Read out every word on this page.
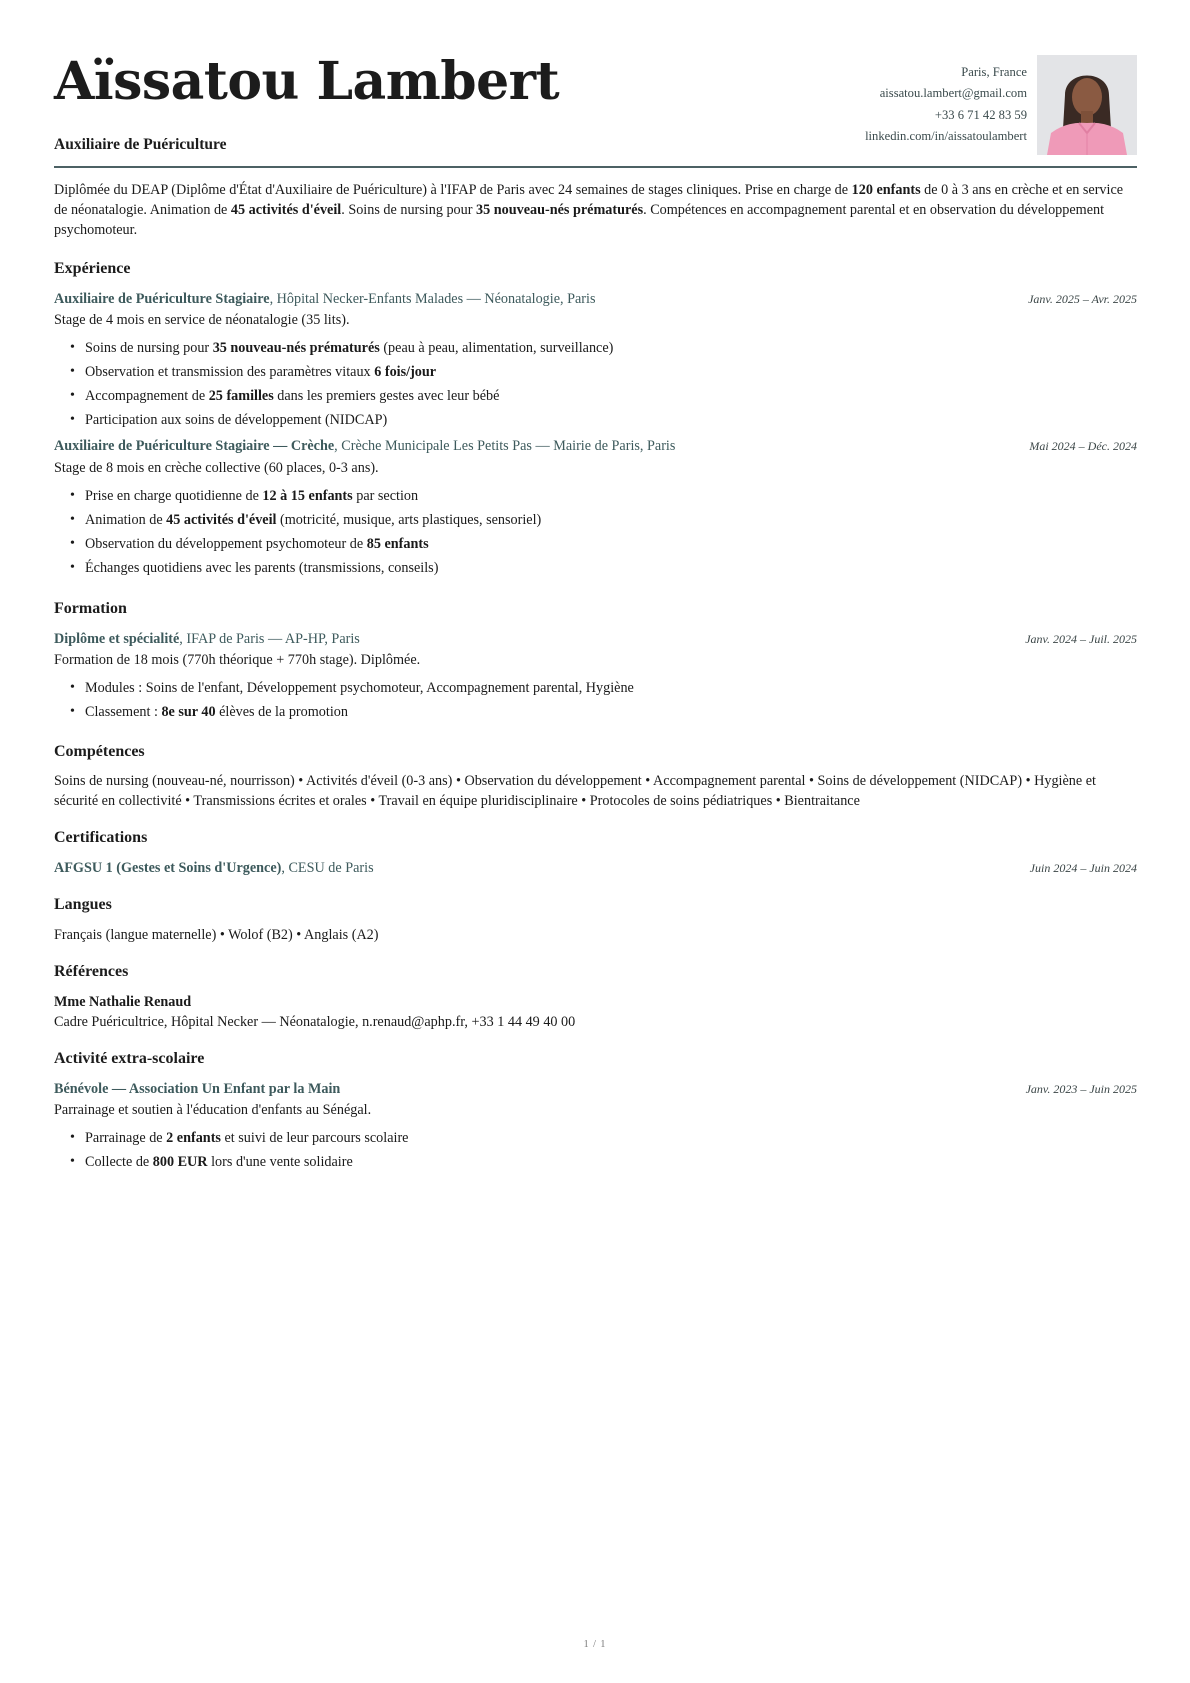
Aïssatou Lambert

Auxiliaire de Puériculture

Paris, France
aissatou.lambert@gmail.com
+33 6 71 42 83 59
linkedin.com/in/aissatoulambert

Diplômée du DEAP (Diplôme d'État d'Auxiliaire de Puériculture) à l'IFAP de Paris avec 24 semaines de stages cliniques. Prise en charge de 120 enfants de 0 à 3 ans en crèche et en service de néonatalogie. Animation de 45 activités d'éveil. Soins de nursing pour 35 nouveau-nés prématurés. Compétences en accompagnement parental et en observation du développement psychomoteur.

Expérience
Auxiliaire de Puériculture Stagiaire, Hôpital Necker-Enfants Malades — Néonatalogie, Paris	Janv. 2025 – Avr. 2025
Stage de 4 mois en service de néonatalogie (35 lits).
• Soins de nursing pour 35 nouveau-nés prématurés (peau à peau, alimentation, surveillance)
• Observation et transmission des paramètres vitaux 6 fois/jour
• Accompagnement de 25 familles dans les premiers gestes avec leur bébé
• Participation aux soins de développement (NIDCAP)
Auxiliaire de Puériculture Stagiaire — Crèche, Crèche Municipale Les Petits Pas — Mairie de Paris, Paris	Mai 2024 – Déc. 2024
Stage de 8 mois en crèche collective (60 places, 0-3 ans).
• Prise en charge quotidienne de 12 à 15 enfants par section
• Animation de 45 activités d'éveil (motricité, musique, arts plastiques, sensoriel)
• Observation du développement psychomoteur de 85 enfants
• Échanges quotidiens avec les parents (transmissions, conseils)
Formation
Diplôme et spécialité, IFAP de Paris — AP-HP, Paris	Janv. 2024 – Juil. 2025
Formation de 18 mois (770h théorique + 770h stage). Diplômée.
• Modules : Soins de l'enfant, Développement psychomoteur, Accompagnement parental, Hygiène
• Classement : 8e sur 40 élèves de la promotion
Compétences
Soins de nursing (nouveau-né, nourrisson) • Activités d'éveil (0-3 ans) • Observation du développement • Accompagnement parental • Soins de développement (NIDCAP) • Hygiène et sécurité en collectivité • Transmissions écrites et orales • Travail en équipe pluridisciplinaire • Protocoles de soins pédiatriques • Bientraitance
Certifications
AFGSU 1 (Gestes et Soins d'Urgence), CESU de Paris	Juin 2024 – Juin 2024
Langues
Français (langue maternelle) • Wolof (B2) • Anglais (A2)
Références
Mme Nathalie Renaud
Cadre Puéricultrice, Hôpital Necker — Néonatalogie, n.renaud@aphp.fr, +33 1 44 49 40 00
Activité extra-scolaire
Bénévole — Association Un Enfant par la Main	Janv. 2023 – Juin 2025
Parrainage et soutien à l'éducation d'enfants au Sénégal.
• Parrainage de 2 enfants et suivi de leur parcours scolaire
• Collecte de 800 EUR lors d'une vente solidaire
1 / 1
